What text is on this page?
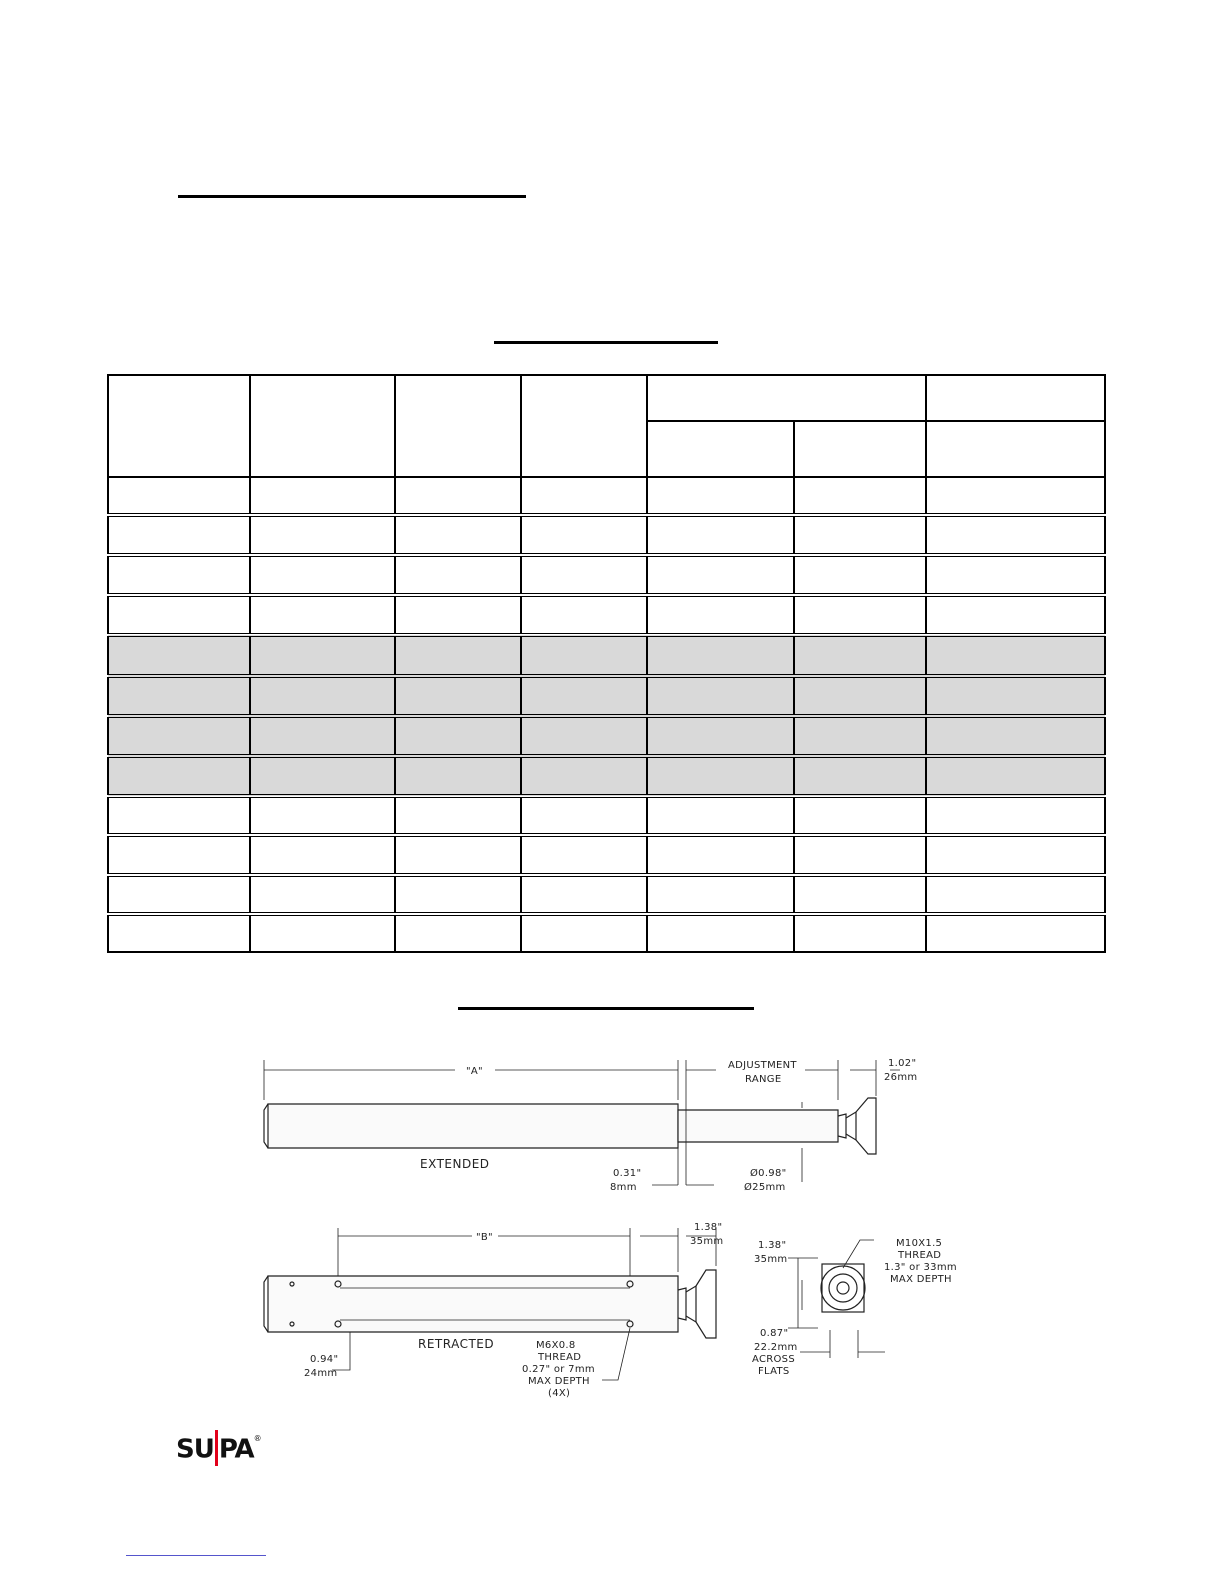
"A"
ADJUSTMENT
RANGE
1.02"
26mm
EXTENDED
0.31"
8mm
Ø0.98"
Ø25mm
"B"
1.38"
35mm	1.38"
35mm
M10X1.5
THREAD
1.3" or 33mm
MAX DEPTH
RETRACTED
0.94"
24mm
M6X0.8
THREAD
0.27" or 7mm
MAX DEPTH
(4X)
0.87"
22.2mm
ACROSS
FLATS
SU PA®
